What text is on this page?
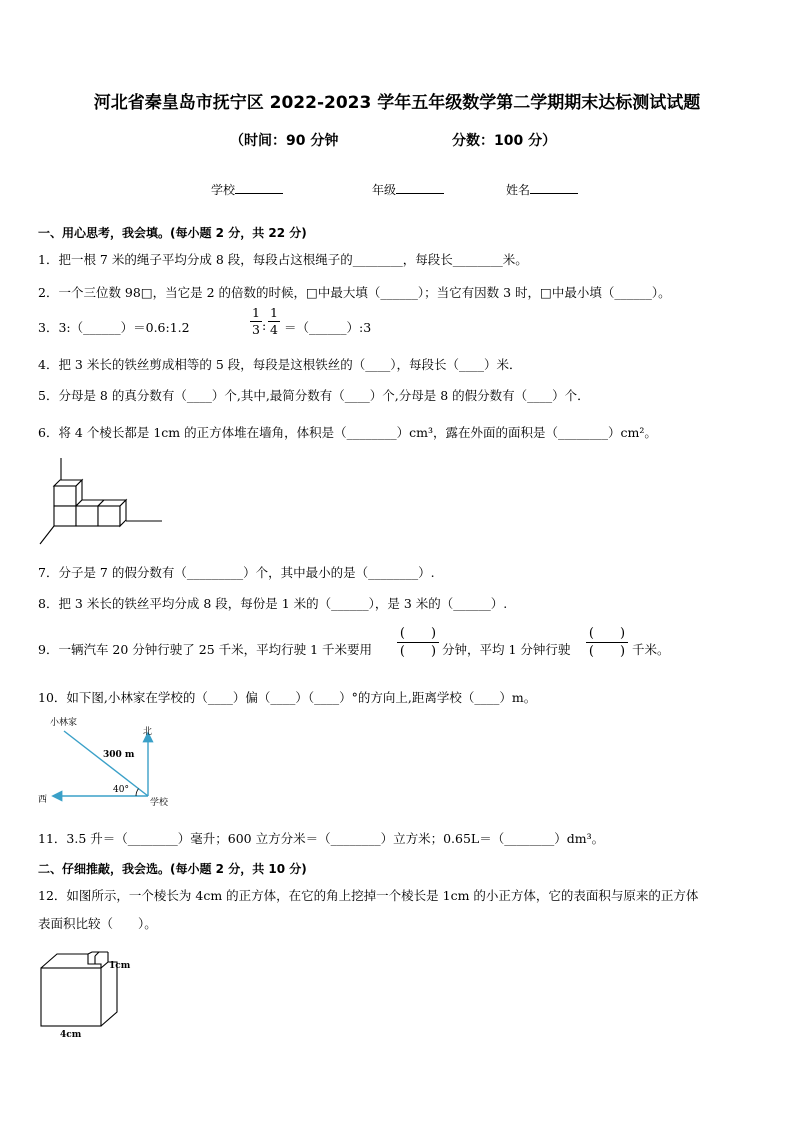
河北省秦皇岛市抚宁区 2022-2023 学年五年级数学第二学期期末达标测试试题
（时间：90 分钟	分数：100 分）
学校	年级	姓名
一、用心思考，我会填。(每小题 2 分，共 22 分)
1．把一根 7 米的绳子平均分成 8 段，每段占这根绳子的________，每段长________米。
2．一个三位数 98□，当它是 2 的倍数的时候，□中最大填（______）；当它有因数 3 时，□中最小填（______）。
3．3:（______）＝0.6:1.2
1
3 :
1
4 ＝（______）:3
4．把 3 米长的铁丝剪成相等的 5 段，每段是这根铁丝的（____），每段长（____）米．
5．分母是 8 的真分数有（____）个,其中,最简分数有（____）个,分母是 8 的假分数有（____）个．
6．将 4 个棱长都是 1cm 的正方体堆在墙角，体积是（________）cm³，露在外面的面积是（________）cm²。
7．分子是 7 的假分数有（_________）个，其中最小的是（________）.
8．把 3 米长的铁丝平均分成 8 段，每份是 1 米的（______），是 3 米的（______）.
9．一辆汽车 20 分钟行驶了 25 千米，平均行驶 1 千米要用
( )
( ) 分钟，平均 1 分钟行驶
( )
( ) 千米。
10．如下图,小林家在学校的（____）偏（____）（____）°的方向上,距离学校（____）m。
小林家
北
西	学校
300 m
40°
11．3.5 升＝（________）毫升；600 立方分米＝（________）立方米；0.65L＝（________）dm³。
二、仔细推敲，我会选。(每小题 2 分，共 10 分)
12．如图所示，一个棱长为 4cm 的正方体，在它的角上挖掉一个棱长是 1cm 的小正方体，它的表面积与原来的正方体
表面积比较（　　）。
1cm
4cm
